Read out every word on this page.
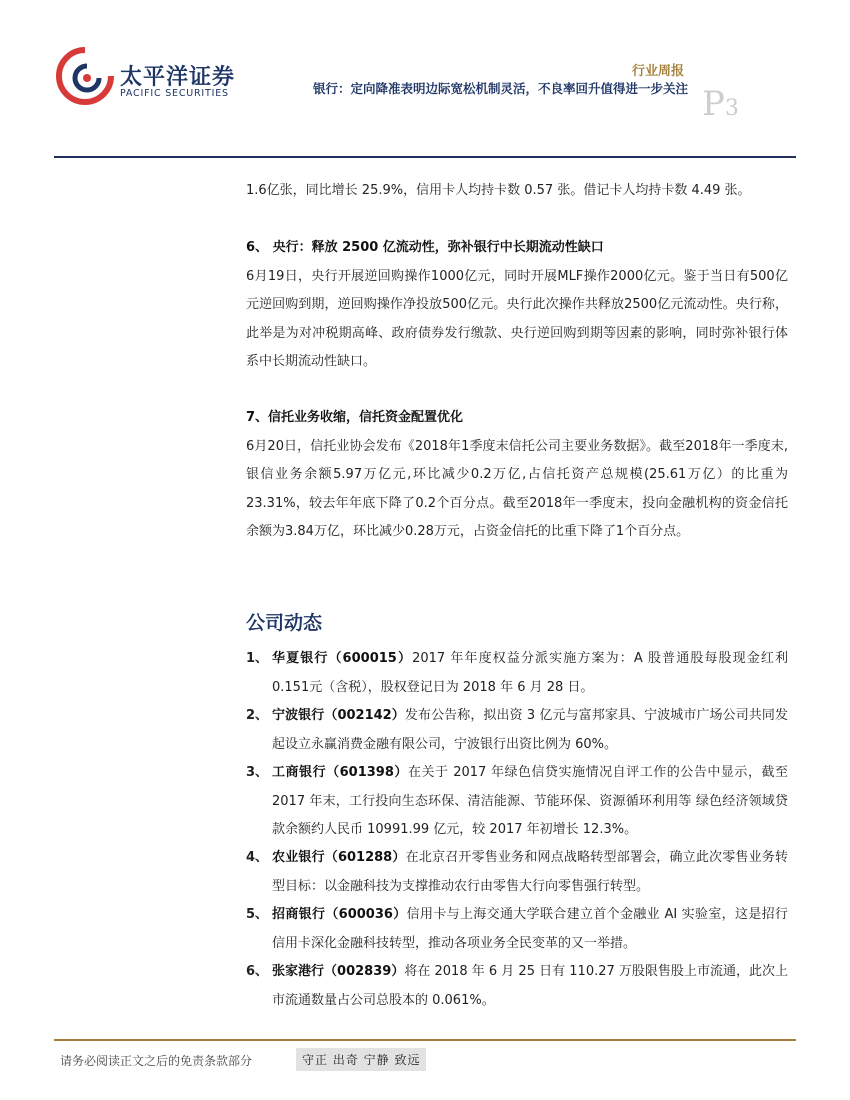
太平洋证券
PACIFIC SECURITIES
行业周报
银行：定向降准表明边际宽松机制灵活，不良率回升值得进一步关注 P3

1.6亿张，同比增长 25.9%，信用卡人均持卡数 0.57 张。借记卡人均持卡数 4.49 张。

6、 央行：释放 2500 亿流动性，弥补银行中长期流动性缺口

6月19日，央行开展逆回购操作1000亿元，同时开展MLF操作2000亿元。鉴于当日有500亿元逆回购到期，逆回购操作净投放500亿元。央行此次操作共释放2500亿元流动性。央行称，此举是为对冲税期高峰、政府债券发行缴款、央行逆回购到期等因素的影响，同时弥补银行体系中长期流动性缺口。

7、信托业务收缩，信托资金配置优化

6月20日，信托业协会发布《2018年1季度末信托公司主要业务数据》。截至2018年一季度末,银信业务余额5.97万亿元,环比减少0.2万亿,占信托资产总规模(25.61万亿）的比重为23.31%，较去年年底下降了0.2个百分点。截至2018年一季度末，投向金融机构的资金信托余额为3.84万亿，环比减少0.28万元，占资金信托的比重下降了1个百分点。

公司动态
1、 华夏银行（600015）2017 年年度权益分派实施方案为：A 股普通股每股现金红利 0.151元（含税），股权登记日为 2018 年 6 月 28 日。
2、 宁波银行（002142）发布公告称，拟出资 3 亿元与富邦家具、宁波城市广场公司共同发起设立永赢消费金融有限公司，宁波银行出资比例为 60%。
3、 工商银行（601398）在关于 2017 年绿色信贷实施情况自评工作的公告中显示，截至 2017 年末，工行投向生态环保、清洁能源、节能环保、资源循环利用等 绿色经济领域贷款余额约人民币 10991.99 亿元，较 2017 年初增长 12.3%。
4、 农业银行（601288）在北京召开零售业务和网点战略转型部署会，确立此次零售业务转型目标：以金融科技为支撑推动农行由零售大行向零售强行转型。
5、 招商银行（600036）信用卡与上海交通大学联合建立首个金融业 AI 实验室，这是招行信用卡深化金融科技转型，推动各项业务全民变革的又一举措。
6、 张家港行（002839）将在 2018 年 6 月 25 日有 110.27 万股限售股上市流通，此次上市流通数量占公司总股本的 0.061%。
请务必阅读正文之后的免责条款部分	守正 出奇 宁静 致远
